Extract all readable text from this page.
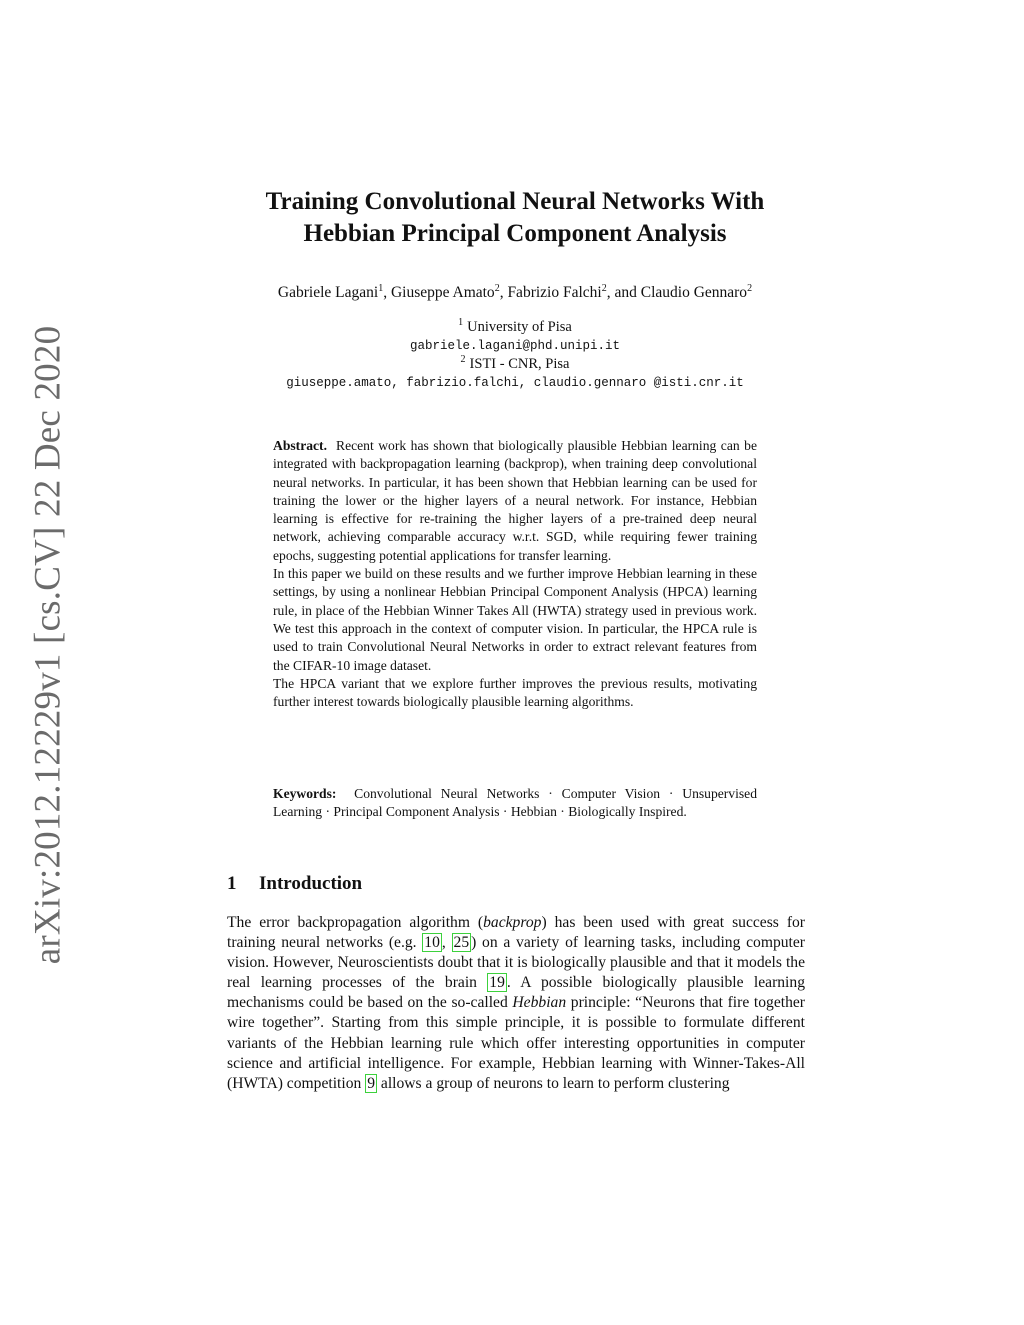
arXiv:2012.12229v1 [cs.CV] 22 Dec 2020
Training Convolutional Neural Networks With
Hebbian Principal Component Analysis
Gabriele Lagani$^1$, Giuseppe Amato$^2$, Fabrizio Falchi$^2$, and Claudio Gennaro$^2$
$^1$ University of Pisa
gabriele.lagani@phd.unipi.it
$^2$ ISTI - CNR, Pisa
giuseppe.amato, fabrizio.falchi, claudio.gennaro @isti.cnr.it

Abstract. Recent work has shown that biologically plausible Hebbian learning can be integrated with backpropagation learning (backprop), when training deep convolutional neural networks. In particular, it has been shown that Hebbian learning can be used for training the lower or the higher layers of a neural network. For instance, Hebbian learning is effective for re-training the higher layers of a pre-trained deep neural network, achieving comparable accuracy w.r.t. SGD, while requiring fewer training epochs, suggesting potential applications for transfer learning.

In this paper we build on these results and we further improve Hebbian learning in these settings, by using a nonlinear Hebbian Principal Component Analysis (HPCA) learning rule, in place of the Hebbian Winner Takes All (HWTA) strategy used in previous work. We test this approach in the context of computer vision. In particular, the HPCA rule is used to train Convolutional Neural Networks in order to extract relevant features from the CIFAR-10 image dataset.

The HPCA variant that we explore further improves the previous results, motivating further interest towards biologically plausible learning algorithms.

Keywords: Convolutional Neural Networks · Computer Vision · Unsupervised Learning · Principal Component Analysis · Hebbian · Biologically Inspired.

1 Introduction

The error backpropagation algorithm (backprop) has been used with great success for training neural networks (e.g. 10 , 25 ) on a variety of learning tasks, including computer vision. However, Neuroscientists doubt that it is biologically plausible and that it models the real learning processes of the brain 19 . A possible biologically plausible learning mechanisms could be based on the so-called Hebbian principle: “Neurons that fire together wire together”. Starting from this simple principle, it is possible to formulate different variants of the Hebbian learning rule which offer interesting opportunities in computer science and artificial intelligence. For example, Hebbian learning with Winner-Takes-All (HWTA) competition 9 allows a group of neurons to learn to perform clustering
